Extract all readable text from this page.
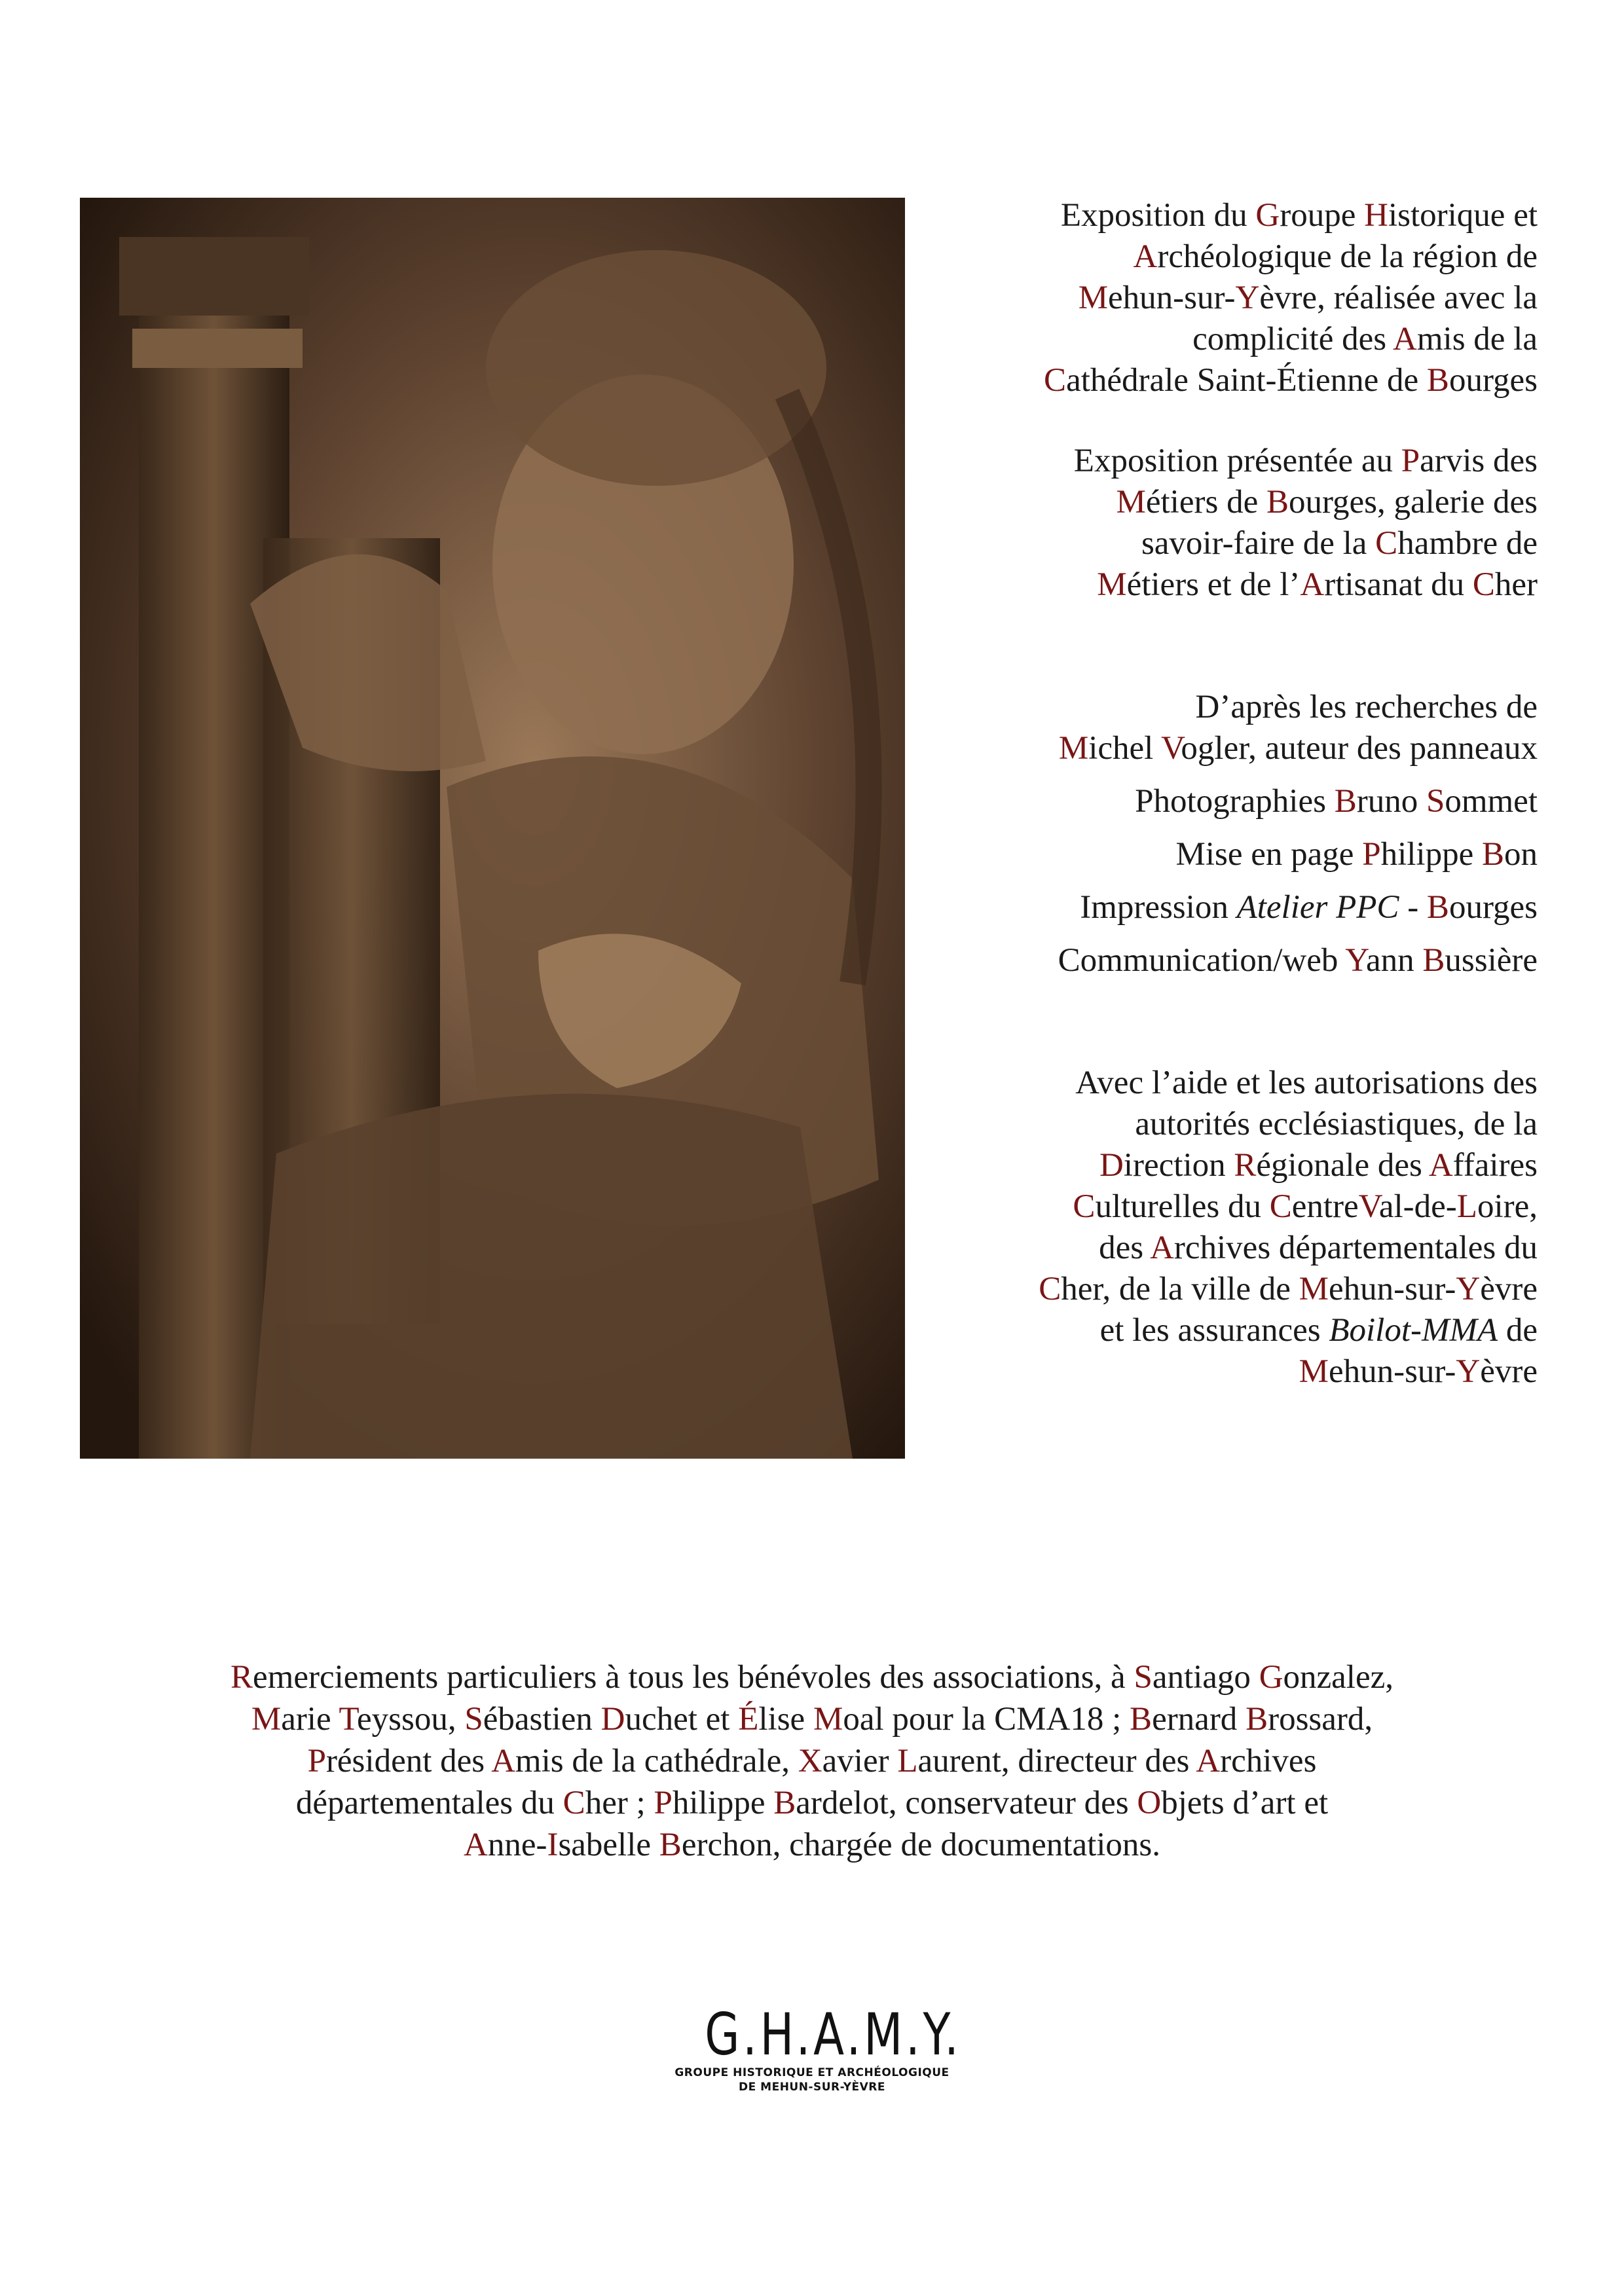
Exposition du Groupe Historique et

Archéologique de la région de

Mehun-sur-Yèvre, réalisée avec la

complicité des Amis de la

Cathédrale Saint-Étienne de Bourges

Exposition présentée au Parvis des

Métiers de Bourges, galerie des

savoir-faire de la Chambre de

Métiers et de l’Artisanat du Cher

D’après les recherches de

Michel Vogler, auteur des panneaux

Photographies Bruno Sommet

Mise en page Philippe Bon

Impression Atelier PPC - Bourges

Communication/web Yann Bussière

Avec l’aide et les autorisations des

autorités ecclésiastiques, de la

Direction Régionale des Affaires

Culturelles du CentreVal-de-Loire,

des Archives départementales du

Cher, de la ville de Mehun-sur-Yèvre

et les assurances Boilot-MMA de

Mehun-sur-Yèvre

Remerciements particuliers à tous les bénévoles des associations, à Santiago Gonzalez,
Marie Teyssou, Sébastien Duchet et Élise Moal pour la CMA18 ; Bernard Brossard,
Président des Amis de la cathédrale, Xavier Laurent, directeur des Archives
départementales du Cher ; Philippe Bardelot, conservateur des Objets d’art et
Anne-Isabelle Berchon, chargée de documentations.
G.H.A.M.Y.
GROUPE HISTORIQUE ET ARCHÉOLOGIQUE
DE MEHUN-SUR-YÈVRE
